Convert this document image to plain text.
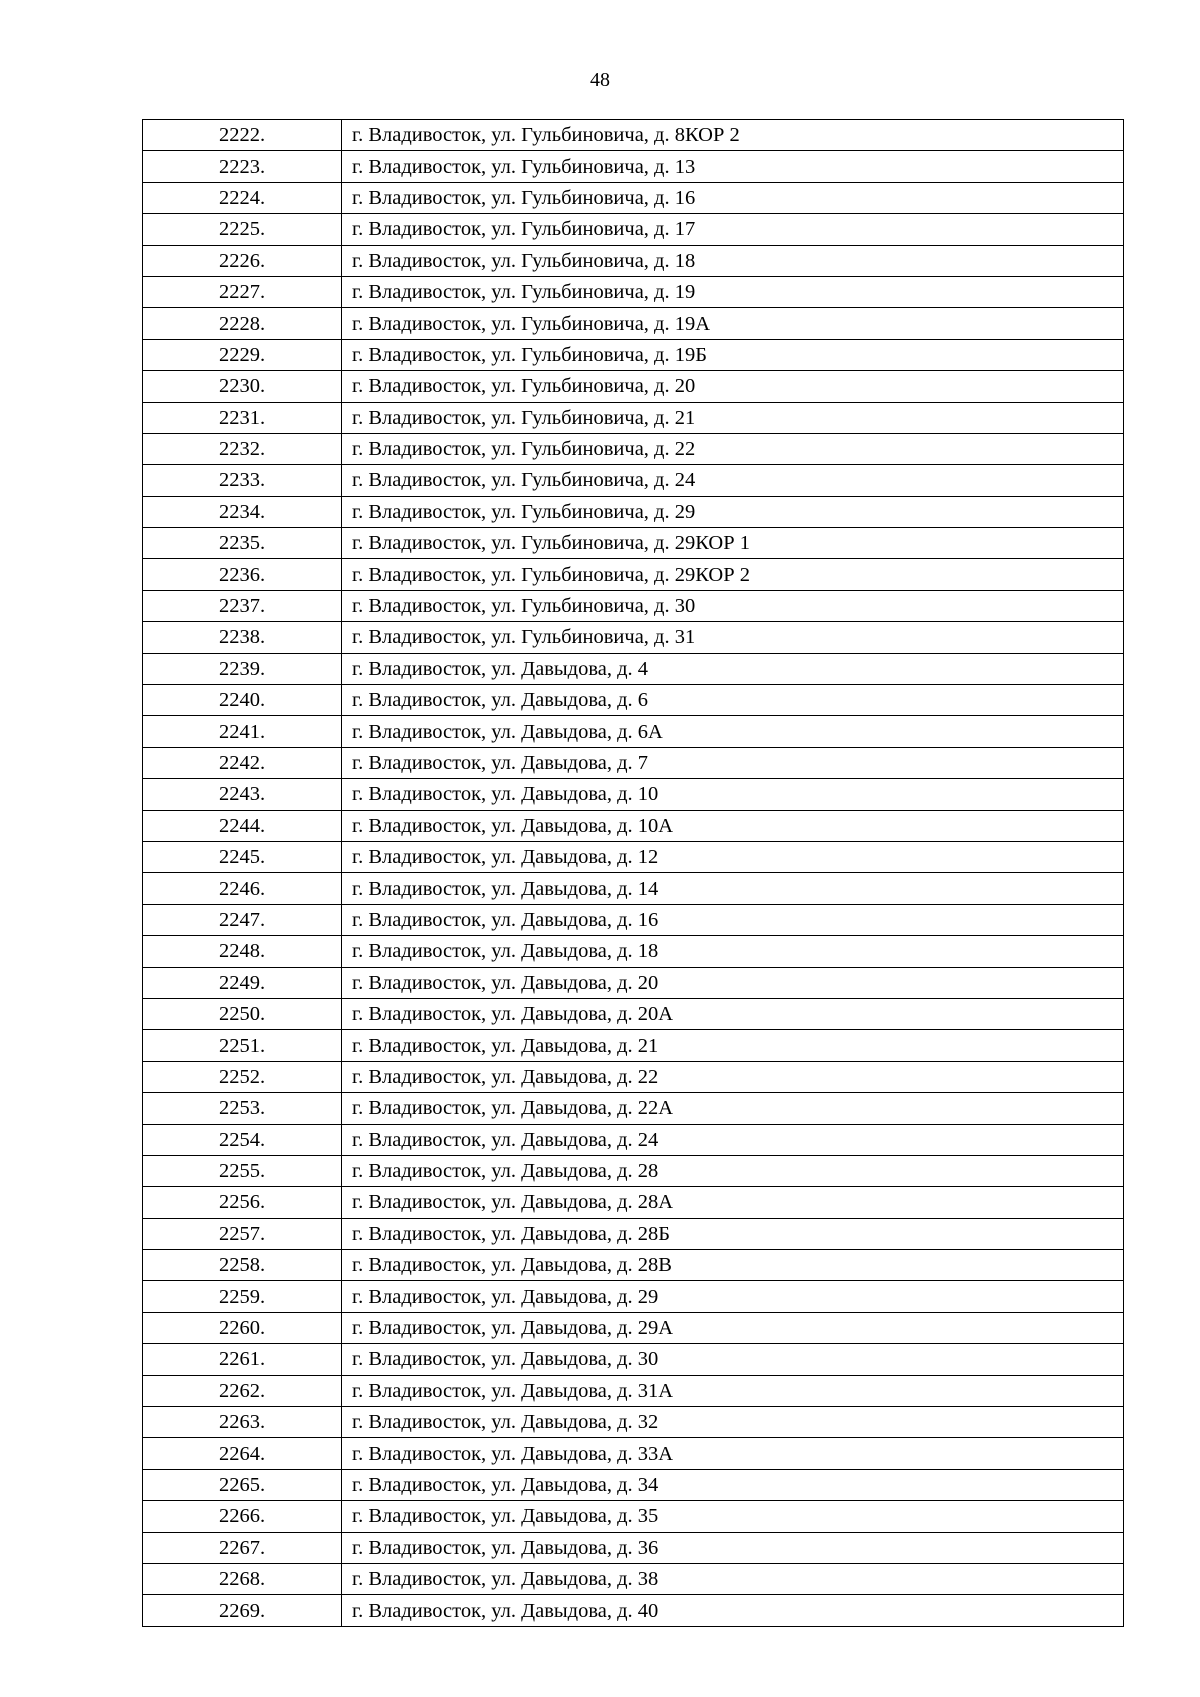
48
2222.	г. Владивосток, ул. Гульбиновича, д. 8КОР 2
2223.	г. Владивосток, ул. Гульбиновича, д. 13
2224.	г. Владивосток, ул. Гульбиновича, д. 16
2225.	г. Владивосток, ул. Гульбиновича, д. 17
2226.	г. Владивосток, ул. Гульбиновича, д. 18
2227.	г. Владивосток, ул. Гульбиновича, д. 19
2228.	г. Владивосток, ул. Гульбиновича, д. 19А
2229.	г. Владивосток, ул. Гульбиновича, д. 19Б
2230.	г. Владивосток, ул. Гульбиновича, д. 20
2231.	г. Владивосток, ул. Гульбиновича, д. 21
2232.	г. Владивосток, ул. Гульбиновича, д. 22
2233.	г. Владивосток, ул. Гульбиновича, д. 24
2234.	г. Владивосток, ул. Гульбиновича, д. 29
2235.	г. Владивосток, ул. Гульбиновича, д. 29КОР 1
2236.	г. Владивосток, ул. Гульбиновича, д. 29КОР 2
2237.	г. Владивосток, ул. Гульбиновича, д. 30
2238.	г. Владивосток, ул. Гульбиновича, д. 31
2239.	г. Владивосток, ул. Давыдова, д. 4
2240.	г. Владивосток, ул. Давыдова, д. 6
2241.	г. Владивосток, ул. Давыдова, д. 6А
2242.	г. Владивосток, ул. Давыдова, д. 7
2243.	г. Владивосток, ул. Давыдова, д. 10
2244.	г. Владивосток, ул. Давыдова, д. 10А
2245.	г. Владивосток, ул. Давыдова, д. 12
2246.	г. Владивосток, ул. Давыдова, д. 14
2247.	г. Владивосток, ул. Давыдова, д. 16
2248.	г. Владивосток, ул. Давыдова, д. 18
2249.	г. Владивосток, ул. Давыдова, д. 20
2250.	г. Владивосток, ул. Давыдова, д. 20А
2251.	г. Владивосток, ул. Давыдова, д. 21
2252.	г. Владивосток, ул. Давыдова, д. 22
2253.	г. Владивосток, ул. Давыдова, д. 22А
2254.	г. Владивосток, ул. Давыдова, д. 24
2255.	г. Владивосток, ул. Давыдова, д. 28
2256.	г. Владивосток, ул. Давыдова, д. 28А
2257.	г. Владивосток, ул. Давыдова, д. 28Б
2258.	г. Владивосток, ул. Давыдова, д. 28В
2259.	г. Владивосток, ул. Давыдова, д. 29
2260.	г. Владивосток, ул. Давыдова, д. 29А
2261.	г. Владивосток, ул. Давыдова, д. 30
2262.	г. Владивосток, ул. Давыдова, д. 31А
2263.	г. Владивосток, ул. Давыдова, д. 32
2264.	г. Владивосток, ул. Давыдова, д. 33А
2265.	г. Владивосток, ул. Давыдова, д. 34
2266.	г. Владивосток, ул. Давыдова, д. 35
2267.	г. Владивосток, ул. Давыдова, д. 36
2268.	г. Владивосток, ул. Давыдова, д. 38
2269.	г. Владивосток, ул. Давыдова, д. 40
